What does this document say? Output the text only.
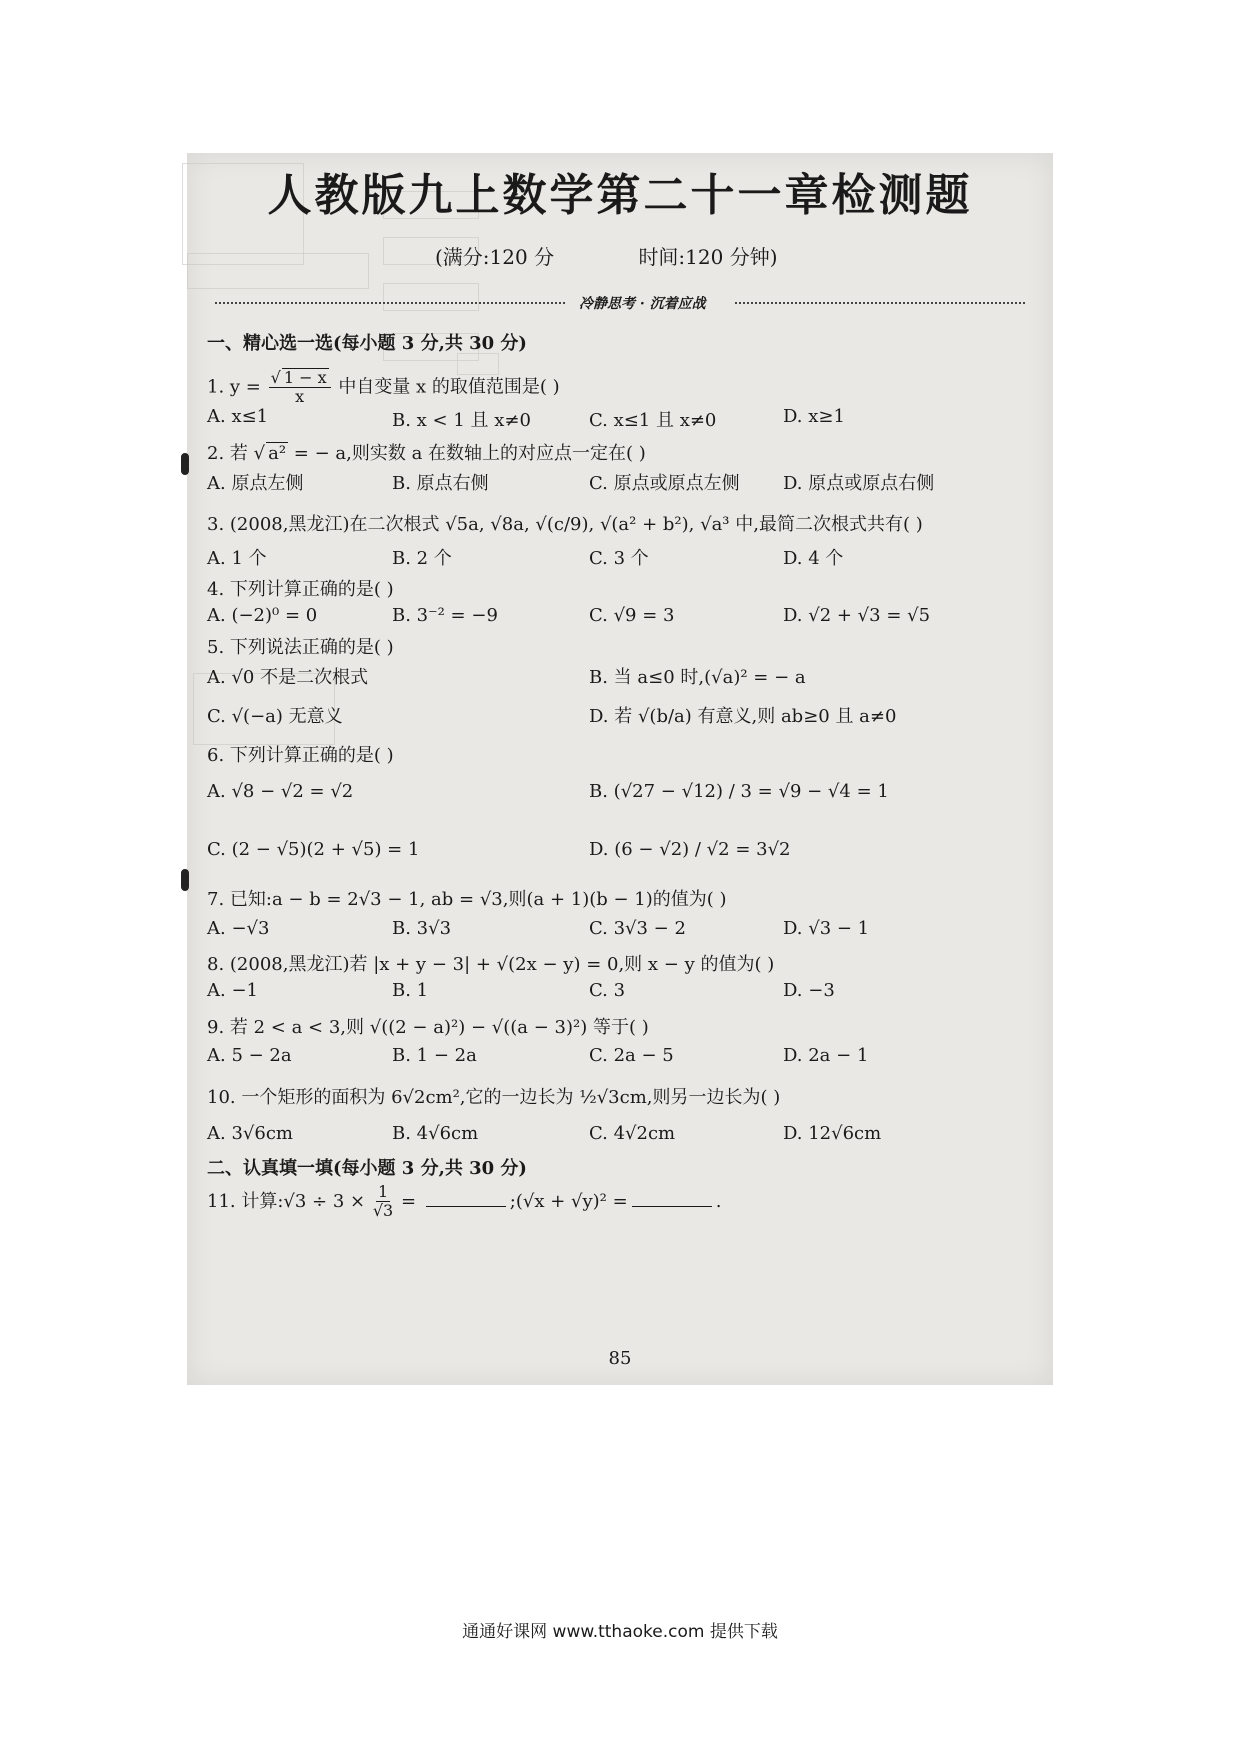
人教版九上数学第二十一章检测题
(满分:120 分	时间:120 分钟)
冷静思考 · 沉着应战
一、精心选一选(每小题 3 分,共 30 分)
1. $y = \frac{√ 1 - x}{x}$ 中自变量 x 的取值范围是( )
A. x≤1	B. x < 1 且 x≠0	C. x≤1 且 x≠0	D. x≥1
2. 若 √ a² = − a,则实数 a 在数轴上的对应点一定在( )
A. 原点左侧	B. 原点右侧	C. 原点或原点左侧 D. 原点或原点右侧
3. (2008,黑龙江)在二次根式 √5a, √8a, √(c/9), √(a² + b²), √a³ 中,最简二次根式共有( )
A. 1 个	B. 2 个	C. 3 个	D. 4 个
4. 下列计算正确的是( )
A. (−2)⁰ = 0	B. 3⁻² = −9	C. √9 = 3	D. √2 + √3 = √5
5. 下列说法正确的是( )
A. √0 不是二次根式	B. 当 a≤0 时,(√a)² = − a
C. √(−a) 无意义	D. 若 √(b/a) 有意义,则 ab≥0 且 a≠0
6. 下列计算正确的是( )
A. √8 − √2 = √2	B. (√27 − √12) / 3 = √9 − √4 = 1
C. (2 − √5)(2 + √5) = 1	D. (6 − √2) / √2 = 3√2
7. 已知:a − b = 2√3 − 1, ab = √3,则(a + 1)(b − 1)的值为( )
A. −√3	B. 3√3	C. 3√3 − 2	D. √3 − 1
8. (2008,黑龙江)若 |x + y − 3| + √(2x − y) = 0,则 x − y 的值为( )
A. −1	B. 1	C. 3	D. −3
9. 若 2 < a < 3,则 √((2 − a)²) − √((a − 3)²) 等于( )
A. 5 − 2a	B. 1 − 2a	C. 2a − 5	D. 2a − 1
10. 一个矩形的面积为 6√2cm²,它的一边长为 ½√3cm,则另一边长为( )
A. 3√6cm	B. 4√6cm	C. 4√2cm	D. 12√6cm
二、认真填一填(每小题 3 分,共 30 分)
11. 计算:√3 ÷ $3 \times \frac{1}{√3}$ =	;(√x + √y)² =	.
85
通通好课网 www.tthaoke.com 提供下载
